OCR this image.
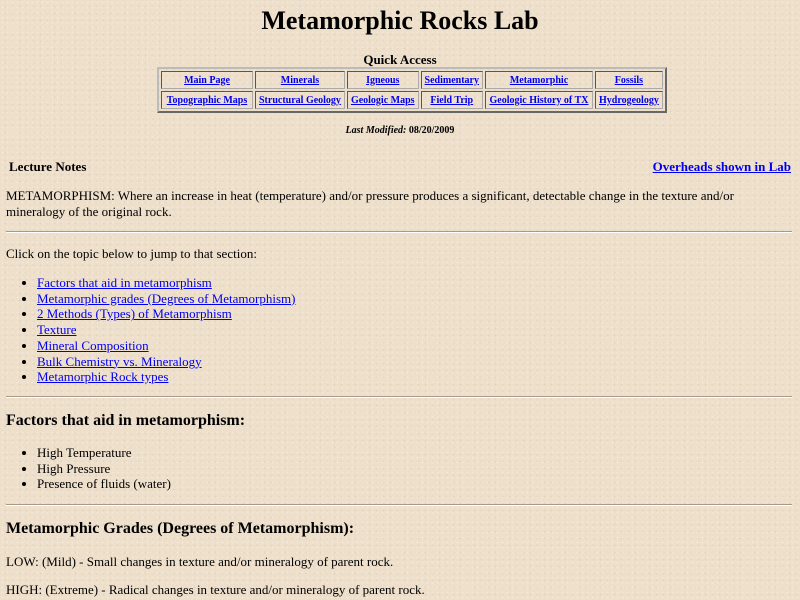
Metamorphic Rocks Lab
Quick Access
Main Page	Minerals	Igneous	Sedimentary	Metamorphic	Fossils
Topographic Maps	Structural Geology	Geologic Maps	Field Trip	Geologic History of TX	Hydrogeology
Last Modified: 08/20/2009
Lecture Notes	Overheads shown in Lab
METAMORPHISM: Where an increase in heat (temperature) and/or pressure produces a significant, detectable change in the texture and/or mineralogy of the original rock.
Click on the topic below to jump to that section:
• Factors that aid in metamorphism
• Metamorphic grades (Degrees of Metamorphism)
• 2 Methods (Types) of Metamorphism
• Texture
• Mineral Composition
• Bulk Chemistry vs. Mineralogy
• Metamorphic Rock types
Factors that aid in metamorphism:
• High Temperature
• High Pressure
• Presence of fluids (water)
Metamorphic Grades (Degrees of Metamorphism):
LOW: (Mild) - Small changes in texture and/or mineralogy of parent rock.
HIGH: (Extreme) - Radical changes in texture and/or mineralogy of parent rock.
